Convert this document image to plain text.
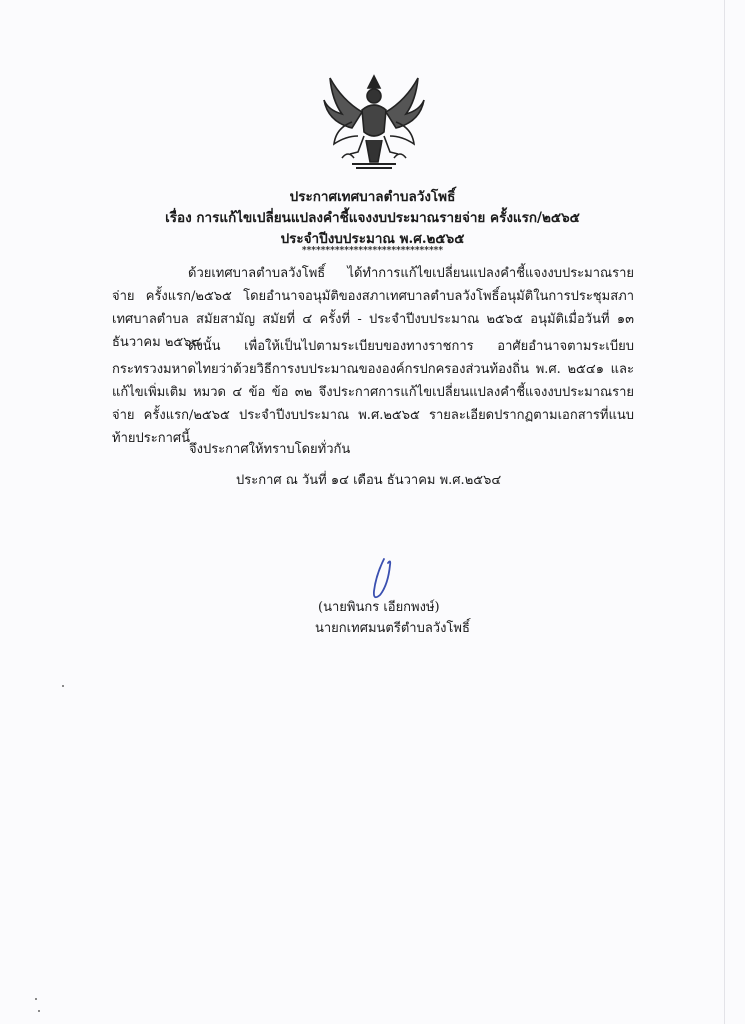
ประกาศเทศบาลตำบลวังโพธิ์
เรื่อง การแก้ไขเปลี่ยนแปลงคำชี้แจงงบประมาณรายจ่าย ครั้งแรก/๒๕๖๕
ประจำปีงบประมาณ พ.ศ.๒๕๖๕
******************************
ด้วยเทศบาลตำบลวังโพธิ์ ได้ทำการแก้ไขเปลี่ยนแปลงคำชี้แจงงบประมาณรายจ่าย ครั้งแรก/๒๕๖๕ โดยอำนาจอนุมัติของสภาเทศบาลตำบลวังโพธิ์อนุมัติในการประชุมสภาเทศบาลตำบล สมัยสามัญ สมัยที่ ๔ ครั้งที่ - ประจำปีงบประมาณ ๒๕๖๕ อนุมัติเมื่อวันที่ ๑๓ ธันวาคม ๒๕๖๔
ดังนั้น เพื่อให้เป็นไปตามระเบียบของทางราชการ อาศัยอำนาจตามระเบียบกระทรวงมหาดไทยว่าด้วยวิธีการงบประมาณขององค์กรปกครองส่วนท้องถิ่น พ.ศ. ๒๕๔๑ และแก้ไขเพิ่มเติม หมวด ๔ ข้อ ข้อ ๓๒ จึงประกาศการแก้ไขเปลี่ยนแปลงคำชี้แจงงบประมาณรายจ่าย ครั้งแรก/๒๕๖๕ ประจำปีงบประมาณ พ.ศ.๒๕๖๕ รายละเอียดปรากฏตามเอกสารที่แนบท้ายประกาศนี้
จึงประกาศให้ทราบโดยทั่วกัน
ประกาศ ณ วันที่ ๑๔ เดือน ธันวาคม พ.ศ.๒๕๖๔
(นายพินกร เอียกพงษ์)
นายกเทศมนตรีตำบลวังโพธิ์
